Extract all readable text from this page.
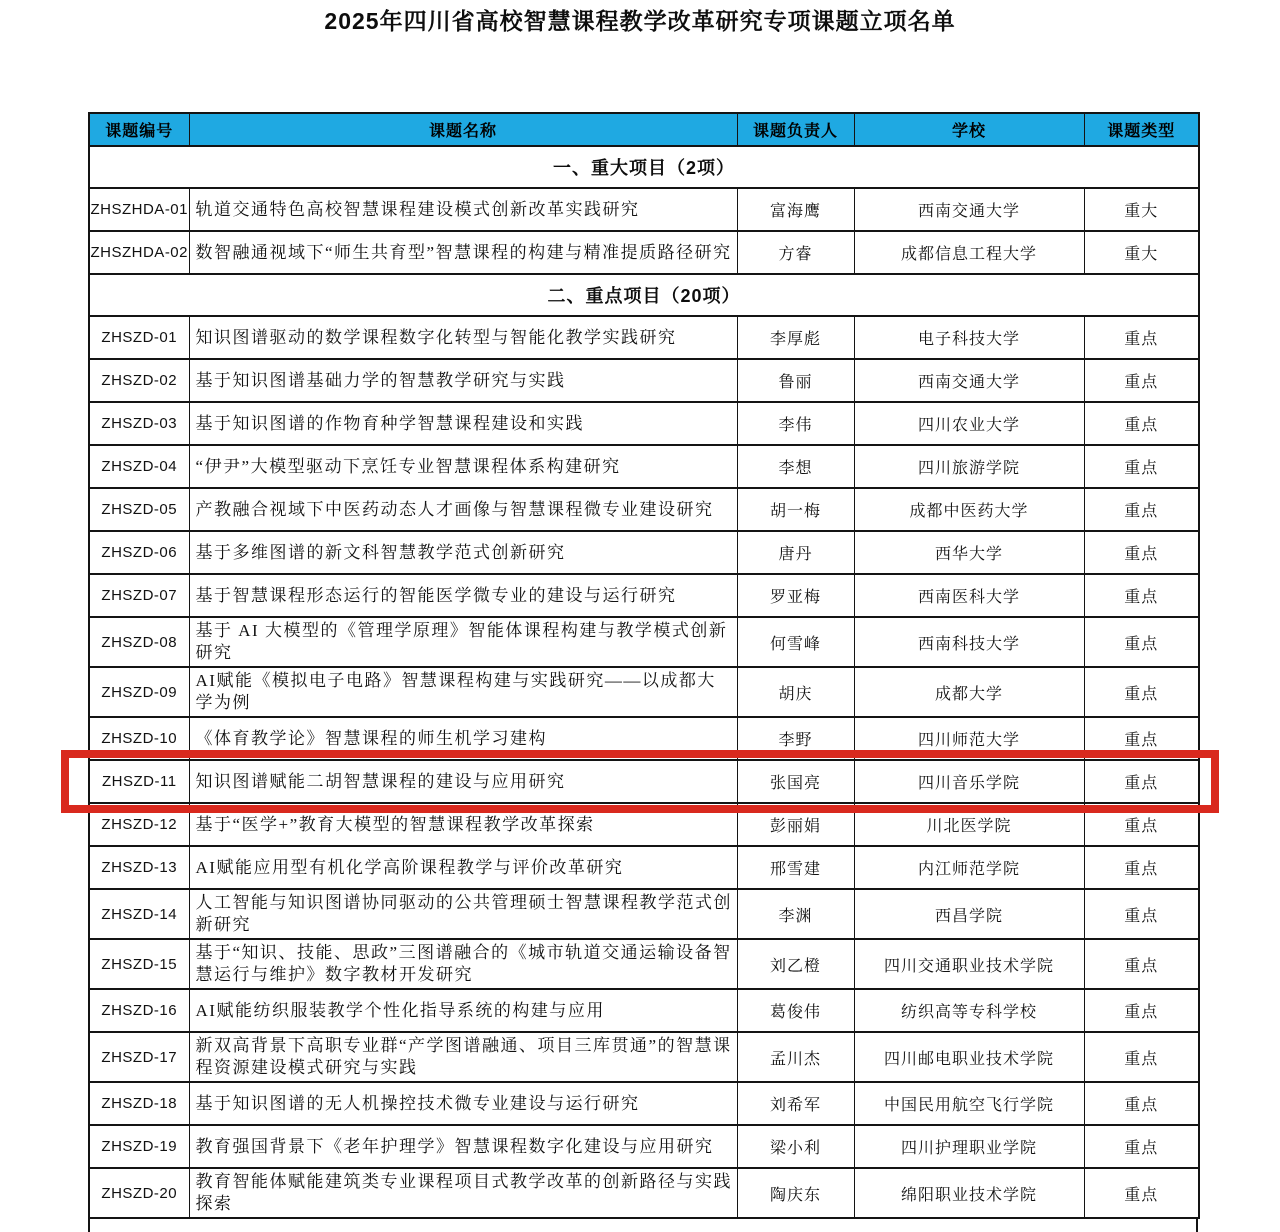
2025年四川省高校智慧课程教学改革研究专项课题立项名单
课题编号	课题名称	课题负责人	学校	课题类型
一、重大项目（2项）				
ZHSZHDA-01	轨道交通特色高校智慧课程建设模式创新改革实践研究	富海鹰	西南交通大学	重大
ZHSZHDA-02	数智融通视域下“师生共育型”智慧课程的构建与精准提质路径研究	方睿	成都信息工程大学	重大
二、重点项目（20项）				
ZHSZD-01	知识图谱驱动的数学课程数字化转型与智能化教学实践研究	李厚彪	电子科技大学	重点
ZHSZD-02	基于知识图谱基础力学的智慧教学研究与实践	鲁丽	西南交通大学	重点
ZHSZD-03	基于知识图谱的作物育种学智慧课程建设和实践	李伟	四川农业大学	重点
ZHSZD-04	“伊尹”大模型驱动下烹饪专业智慧课程体系构建研究	李想	四川旅游学院	重点
ZHSZD-05	产教融合视域下中医药动态人才画像与智慧课程微专业建设研究	胡一梅	成都中医药大学	重点
ZHSZD-06	基于多维图谱的新文科智慧教学范式创新研究	唐丹	西华大学	重点
ZHSZD-07	基于智慧课程形态运行的智能医学微专业的建设与运行研究	罗亚梅	西南医科大学	重点
ZHSZD-08	基于 AI 大模型的《管理学原理》智能体课程构建与教学模式创新研究	何雪峰	西南科技大学	重点
ZHSZD-09	AI赋能《模拟电子电路》智慧课程构建与实践研究——以成都大学为例	胡庆	成都大学	重点
ZHSZD-10	《体育教学论》智慧课程的师生机学习建构	李野	四川师范大学	重点
ZHSZD-11	知识图谱赋能二胡智慧课程的建设与应用研究	张国亮	四川音乐学院	重点
ZHSZD-12	基于“医学+”教育大模型的智慧课程教学改革探索	彭丽娟	川北医学院	重点
ZHSZD-13	AI赋能应用型有机化学高阶课程教学与评价改革研究	邢雪建	内江师范学院	重点
ZHSZD-14	人工智能与知识图谱协同驱动的公共管理硕士智慧课程教学范式创新研究	李渊	西昌学院	重点
ZHSZD-15	基于“知识、技能、思政”三图谱融合的《城市轨道交通运输设备智慧运行与维护》数字教材开发研究	刘乙橙	四川交通职业技术学院	重点
ZHSZD-16	AI赋能纺织服装教学个性化指导系统的构建与应用	葛俊伟	纺织高等专科学校	重点
ZHSZD-17	新双高背景下高职专业群“产学图谱融通、项目三库贯通”的智慧课程资源建设模式研究与实践	孟川杰	四川邮电职业技术学院	重点
ZHSZD-18	基于知识图谱的无人机操控技术微专业建设与运行研究	刘希军	中国民用航空飞行学院	重点
ZHSZD-19	教育强国背景下《老年护理学》智慧课程数字化建设与应用研究	梁小利	四川护理职业学院	重点
ZHSZD-20	教育智能体赋能建筑类专业课程项目式教学改革的创新路径与实践探索	陶庆东	绵阳职业技术学院	重点
